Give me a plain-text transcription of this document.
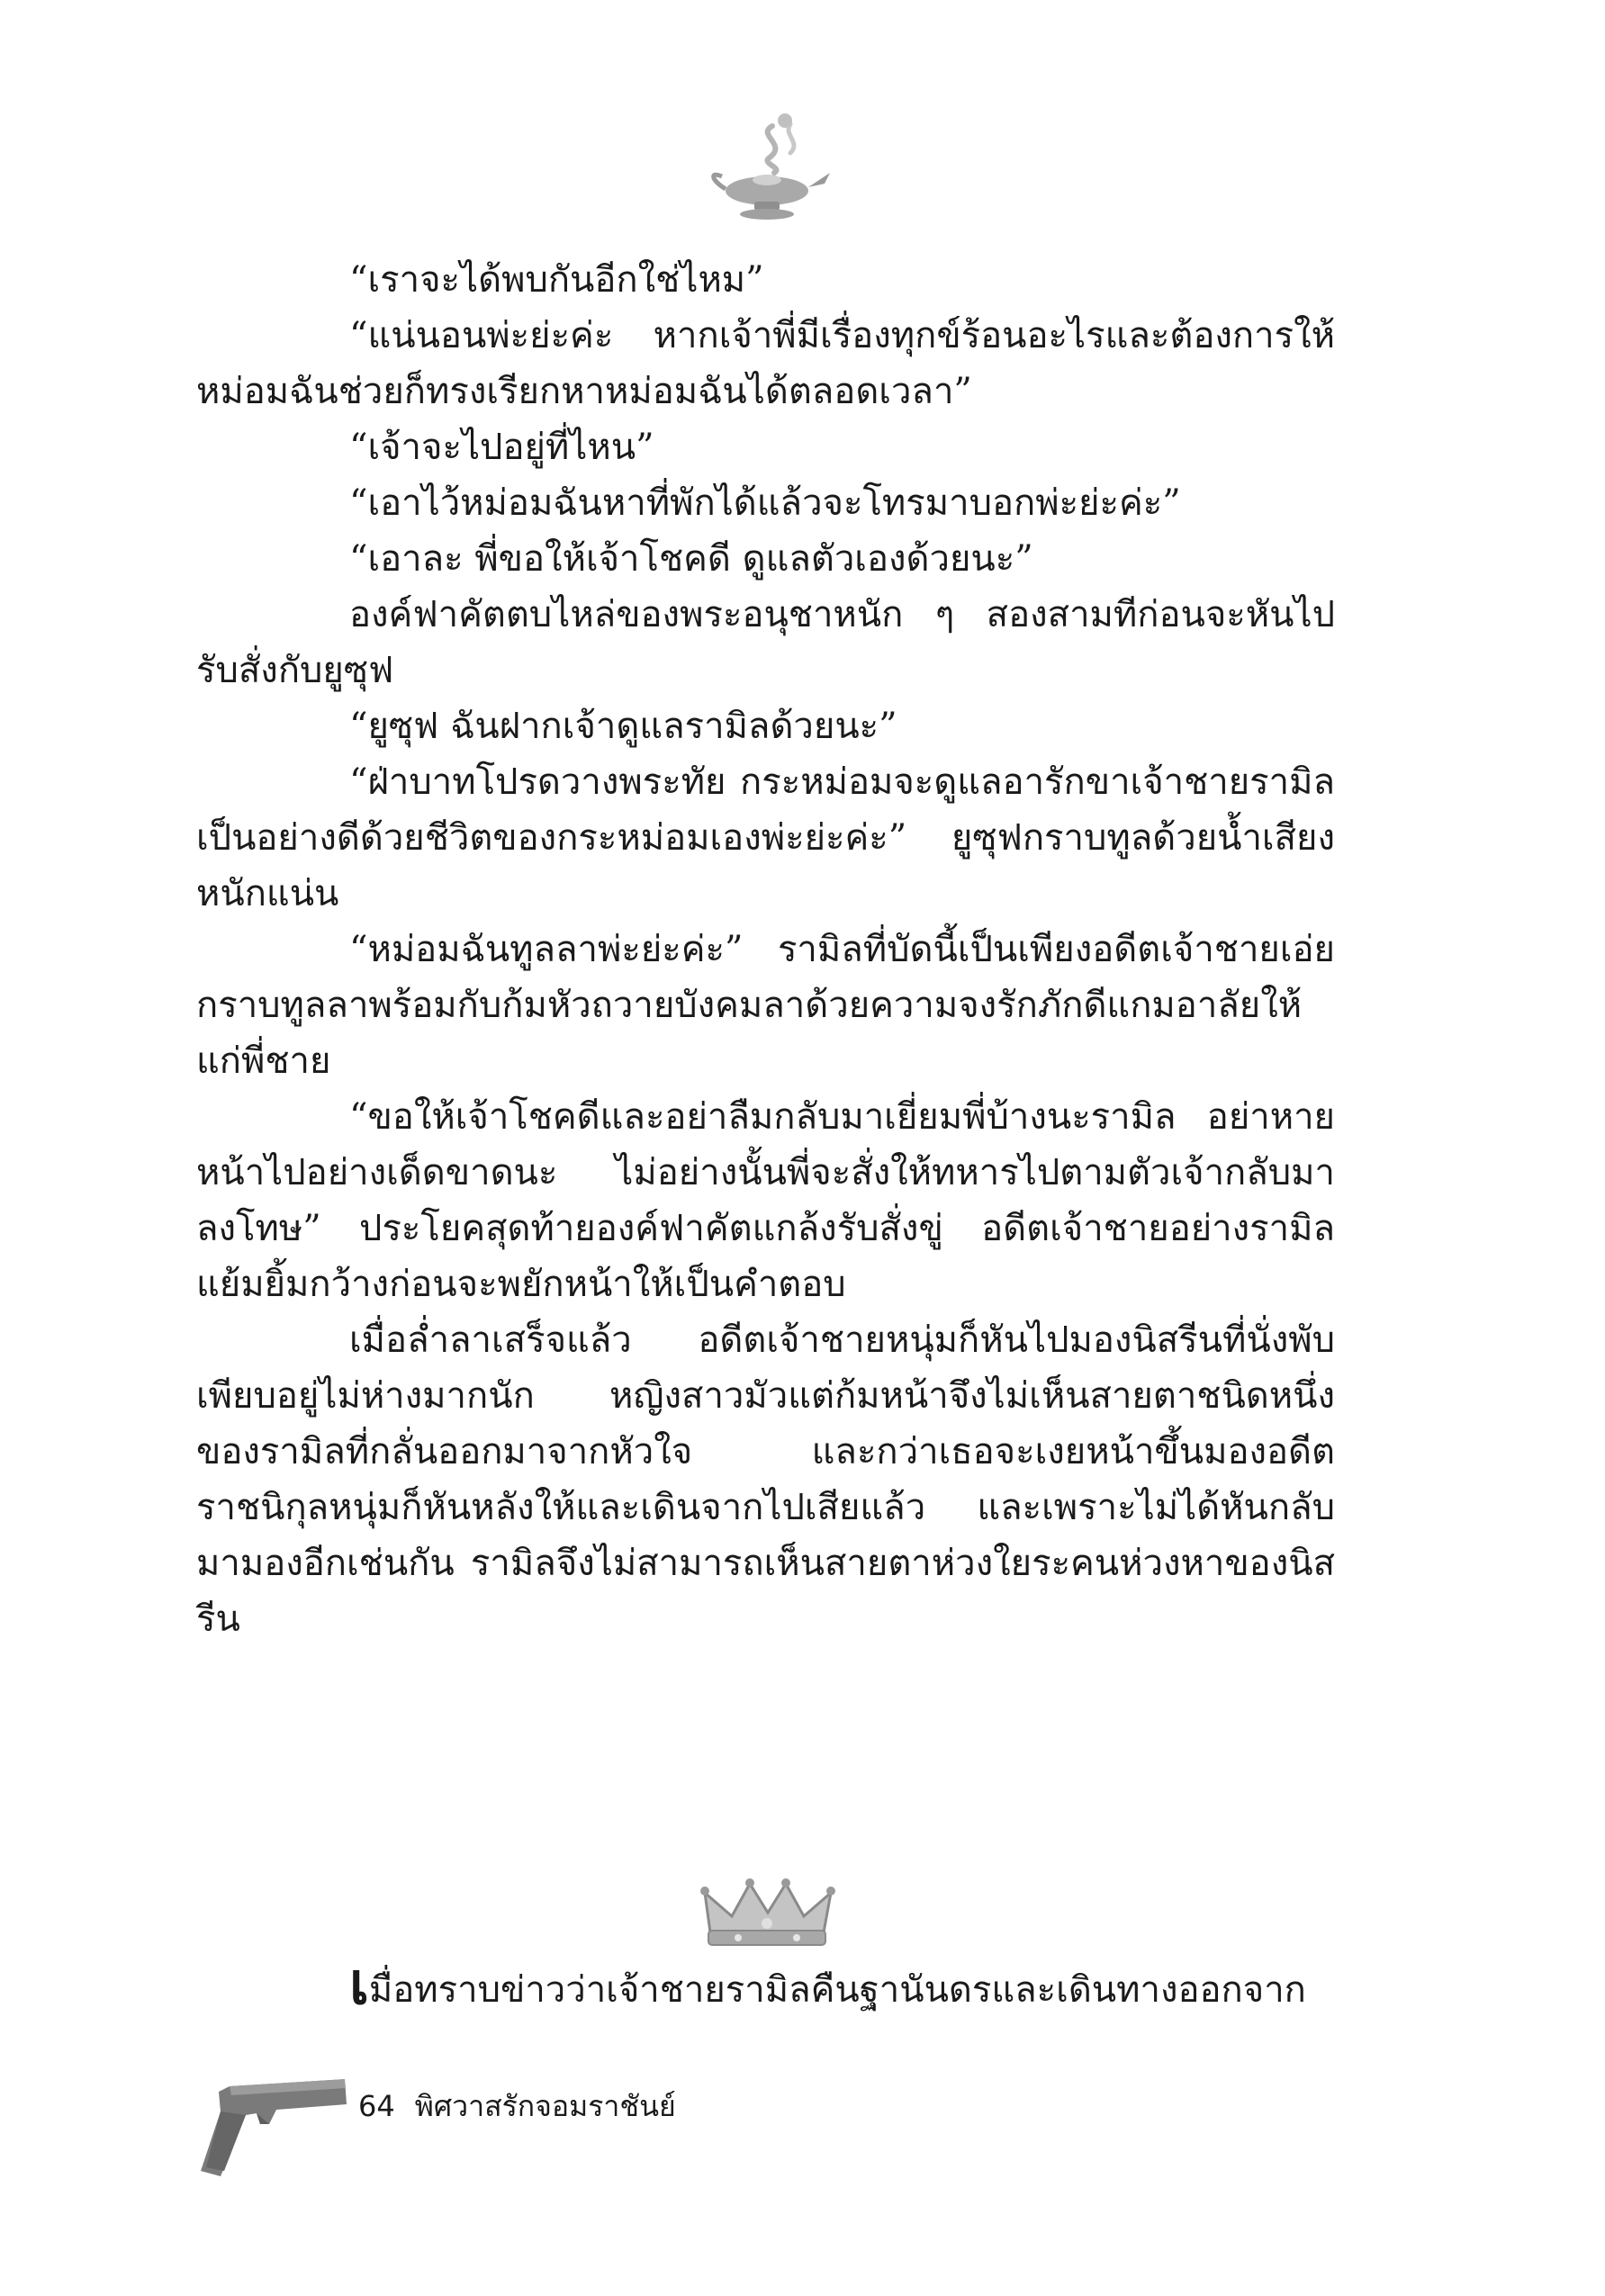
“เราจะได้พบกันอีกใช่ไหม”

“แน่นอนพ่ะย่ะค่ะ หากเจ้าพี่มีเรื่องทุกข์ร้อนอะไรและต้องการให้หม่อมฉันช่วยก็ทรงเรียกหาหม่อมฉันได้ตลอดเวลา”

“เจ้าจะไปอยู่ที่ไหน”

“เอาไว้หม่อมฉันหาที่พักได้แล้วจะโทรมาบอกพ่ะย่ะค่ะ”

“เอาละ พี่ขอให้เจ้าโชคดี ดูแลตัวเองด้วยนะ”

องค์ฟาคัตตบไหล่ของพระอนุชาหนัก ๆ สองสามทีก่อนจะหันไปรับสั่งกับยูซุฟ

“ยูซุฟ ฉันฝากเจ้าดูแลรามิลด้วยนะ”

“ฝ่าบาทโปรดวางพระทัย กระหม่อมจะดูแลอารักขาเจ้าชายรามิลเป็นอย่างดีด้วยชีวิตของกระหม่อมเองพ่ะย่ะค่ะ” ยูซุฟกราบทูลด้วยน้ำเสียงหนักแน่น

“หม่อมฉันทูลลาพ่ะย่ะค่ะ” รามิลที่บัดนี้เป็นเพียงอดีตเจ้าชายเอ่ยกราบทูลลาพร้อมกับก้มหัวถวายบังคมลาด้วยความจงรักภักดีแกมอาลัยให้แก่พี่ชาย

“ขอให้เจ้าโชคดีและอย่าลืมกลับมาเยี่ยมพี่บ้างนะรามิล อย่าหายหน้าไปอย่างเด็ดขาดนะ ไม่อย่างนั้นพี่จะสั่งให้ทหารไปตามตัวเจ้ากลับมาลงโทษ” ประโยคสุดท้ายองค์ฟาคัตแกล้งรับสั่งขู่ อดีตเจ้าชายอย่างรามิลแย้มยิ้มกว้างก่อนจะพยักหน้าให้เป็นคำตอบ

เมื่อล่ำลาเสร็จแล้ว อดีตเจ้าชายหนุ่มก็หันไปมองนิสรีนที่นั่งพับเพียบอยู่ไม่ห่างมากนัก หญิงสาวมัวแต่ก้มหน้าจึงไม่เห็นสายตาชนิดหนึ่งของรามิลที่กลั่นออกมาจากหัวใจ และกว่าเธอจะเงยหน้าขึ้นมองอดีตราชนิกุลหนุ่มก็หันหลังให้และเดินจากไปเสียแล้ว และเพราะไม่ได้หันกลับมามองอีกเช่นกัน รามิลจึงไม่สามารถเห็นสายตาห่วงใยระคนห่วงหาของนิสรีน

เมื่อทราบข่าวว่าเจ้าชายรามิลคืนฐานันดรและเดินทางออกจาก
64 พิศวาสรักจอมราชันย์
